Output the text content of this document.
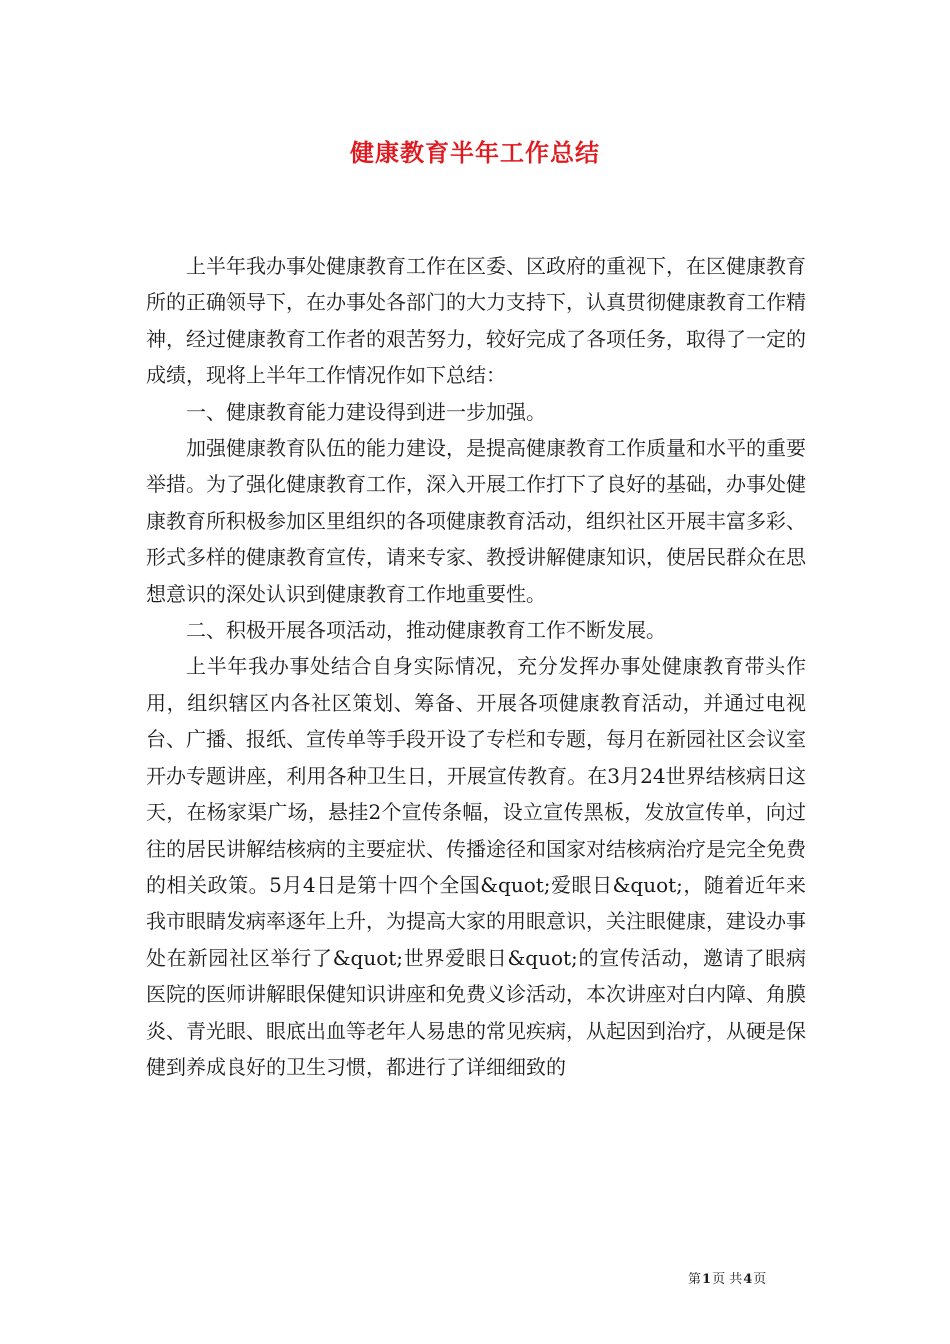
健康教育半年工作总结

上半年我办事处健康教育工作在区委、区政府的重视下，在区健康教育所的正确领导下，在办事处各部门的大力支持下，认真贯彻健康教育工作精神，经过健康教育工作者的艰苦努力，较好完成了各项任务，取得了一定的成绩，现将上半年工作情况作如下总结：

一、健康教育能力建设得到进一步加强。

加强健康教育队伍的能力建设，是提高健康教育工作质量和水平的重要举措。为了强化健康教育工作，深入开展工作打下了良好的基础，办事处健康教育所积极参加区里组织的各项健康教育活动，组织社区开展丰富多彩、形式多样的健康教育宣传，请来专家、教授讲解健康知识，使居民群众在思想意识的深处认识到健康教育工作地重要性。

二、积极开展各项活动，推动健康教育工作不断发展。

上半年我办事处结合自身实际情况，充分发挥办事处健康教育带头作用，组织辖区内各社区策划、筹备、开展各项健康教育活动，并通过电视台、广播、报纸、宣传单等手段开设了专栏和专题，每月在新园社区会议室开办专题讲座，利用各种卫生日，开展宣传教育。在3月24世界结核病日这天，在杨家渠广场，悬挂2个宣传条幅，设立宣传黑板，发放宣传单，向过往的居民讲解结核病的主要症状、传播途径和国家对结核病治疗是完全免费的相关政策。5月4日是第十四个全国&quot;爱眼日&quot;，随着近年来我市眼睛发病率逐年上升，为提高大家的用眼意识，关注眼健康，建设办事处在新园社区举行了&quot;世界爱眼日&quot;的宣传活动，邀请了眼病医院的医师讲解眼保健知识讲座和免费义诊活动，本次讲座对白内障、角膜炎、青光眼、眼底出血等老年人易患的常见疾病，从起因到治疗，从硬是保健到养成良好的卫生习惯，都进行了详细细致的

第1页 共4页
